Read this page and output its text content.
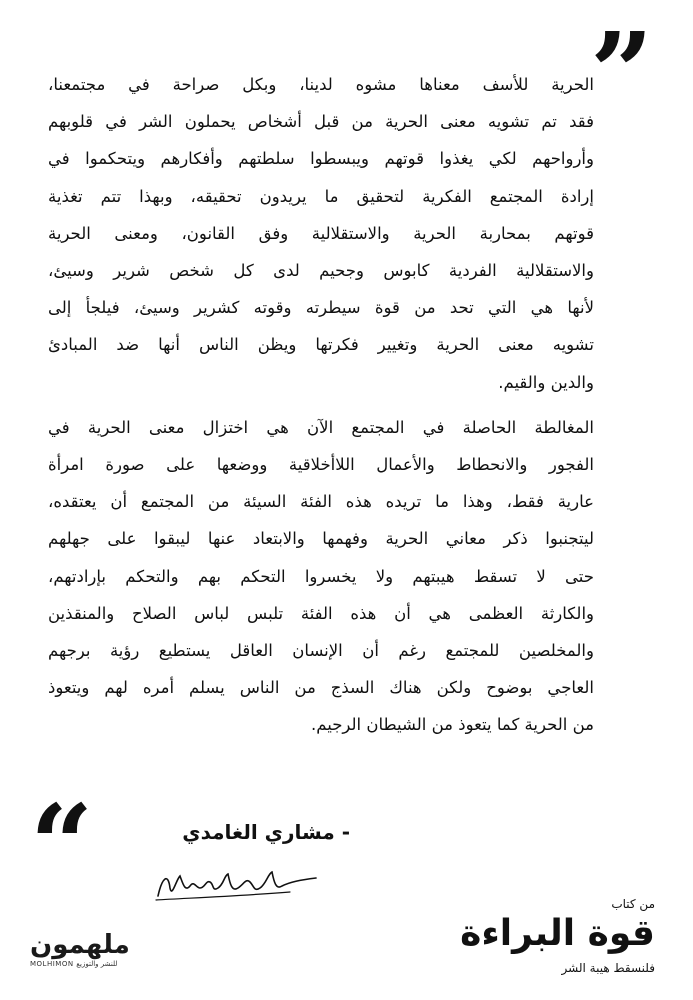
”
الحرية للأسف معناها مشوه لدينا، وبكل صراحة في مجتمعنا،
فقد تم تشويه معنى الحرية من قبل أشخاص يحملون الشر في قلوبهم
وأرواحهم لكي يغذوا قوتهم ويبسطوا سلطتهم وأفكارهم ويتحكموا في
إرادة المجتمع الفكرية لتحقيق ما يريدون تحقيقه، وبهذا تتم تغذية
قوتهم بمحاربة الحرية والاستقلالية وفق القانون، ومعنى الحرية
والاستقلالية الفردية كابوس وجحيم لدى كل شخص شرير وسيئ،
لأنها هي التي تحد من قوة سيطرته وقوته كشرير وسيئ، فيلجأ إلى
تشويه معنى الحرية وتغيير فكرتها ويظن الناس أنها ضد المبادئ
والدين والقيم.
المغالطة الحاصلة في المجتمع الآن هي اختزال معنى الحرية في
الفجور والانحطاط والأعمال اللاأخلاقية ووضعها على صورة امرأة
عارية فقط، وهذا ما تريده هذه الفئة السيئة من المجتمع أن يعتقده،
ليتجنبوا ذكر معاني الحرية وفهمها والابتعاد عنها ليبقوا على جهلهم
حتى لا تسقط هيبتهم ولا يخسروا التحكم بهم والتحكم بإرادتهم،
والكارثة العظمى هي أن هذه الفئة تلبس لباس الصلاح والمنقذين
والمخلصين للمجتمع رغم أن الإنسان العاقل يستطيع رؤية برجهم
العاجي بوضوح ولكن هناك السذج من الناس يسلم أمره لهم ويتعوذ
من الحرية كما يتعوذ من الشيطان الرجيم.
“	- مشاري الغامدي
من كتاب
قوة البراءة
فلنسقط هيبة الشر
ملهمون
MOLHIMON للنشر والتوزيع
